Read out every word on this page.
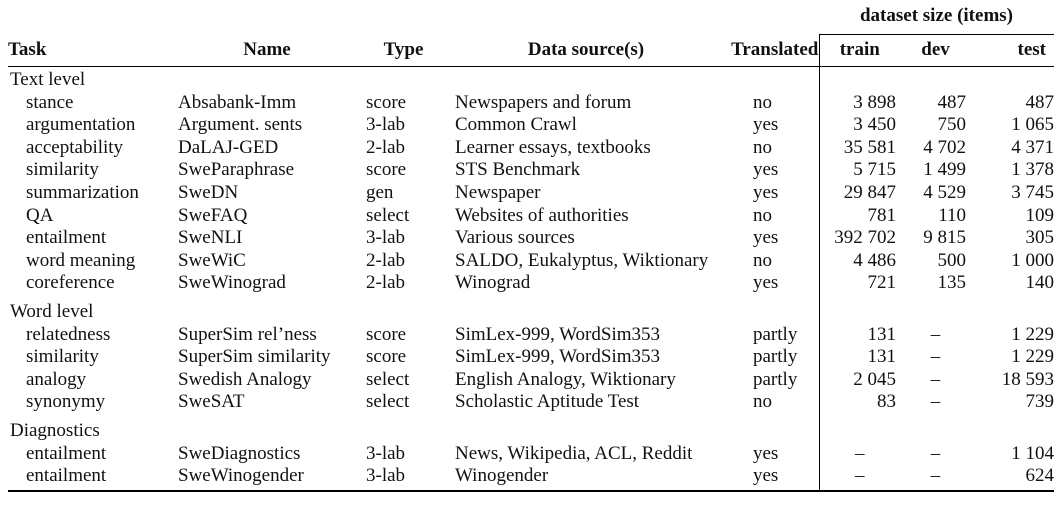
					dataset size (items)		
Task	Name	Type	Data source(s)	Translated	train	dev	test
Text level							
stance	Absabank-Imm	score	Newspapers and forum	no	3 898	487	487
argumentation	Argument. sents	3-lab	Common Crawl	yes	3 450	750	1 065
acceptability	DaLAJ-GED	2-lab	Learner essays, textbooks	no	35 581	4 702	4 371
similarity	SweParaphrase	score	STS Benchmark	yes	5 715	1 499	1 378
summarization	SweDN	gen	Newspaper	yes	29 847	4 529	3 745
QA	SweFAQ	select	Websites of authorities	no	781	110	109
entailment	SweNLI	3-lab	Various sources	yes	392 702	9 815	305
word meaning	SweWiC	2-lab	SALDO, Eukalyptus, Wiktionary	no	4 486	500	1 000
coreference	SweWinograd	2-lab	Winograd	yes	721	135	140
Word level							
relatedness	SuperSim rel’ness	score	SimLex-999, WordSim353	partly	131	–	1 229
similarity	SuperSim similarity	score	SimLex-999, WordSim353	partly	131	–	1 229
analogy	Swedish Analogy	select	English Analogy, Wiktionary	partly	2 045	–	18 593
synonymy	SweSAT	select	Scholastic Aptitude Test	no	83	–	739
Diagnostics							
entailment	SweDiagnostics	3-lab	News, Wikipedia, ACL, Reddit	yes	–	–	1 104
entailment	SweWinogender	3-lab	Winogender	yes	–	–	624
